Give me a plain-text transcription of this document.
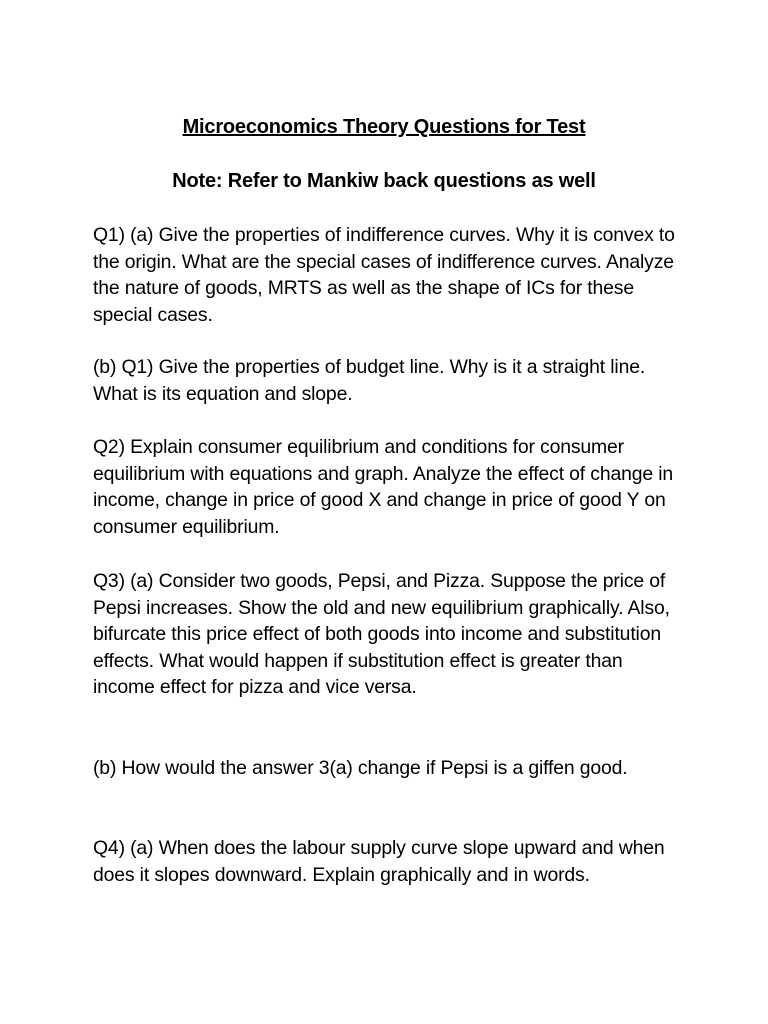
Microeconomics Theory Questions for Test
Note: Refer to Mankiw back questions as well

Q1) (a) Give the properties of indifference curves. Why it is convex to the origin. What are the special cases of indifference curves. Analyze the nature of goods, MRTS as well as the shape of ICs for these special cases.

(b) Q1) Give the properties of budget line. Why is it a straight line. What is its equation and slope.

Q2) Explain consumer equilibrium and conditions for consumer equilibrium with equations and graph. Analyze the effect of change in income, change in price of good X and change in price of good Y on consumer equilibrium.

Q3) (a) Consider two goods, Pepsi, and Pizza. Suppose the price of Pepsi increases. Show the old and new equilibrium graphically. Also, bifurcate this price effect of both goods into income and substitution effects. What would happen if substitution effect is greater than income effect for pizza and vice versa.

(b) How would the answer 3(a) change if Pepsi is a giffen good.

Q4) (a) When does the labour supply curve slope upward and when does it slopes downward. Explain graphically and in words.
